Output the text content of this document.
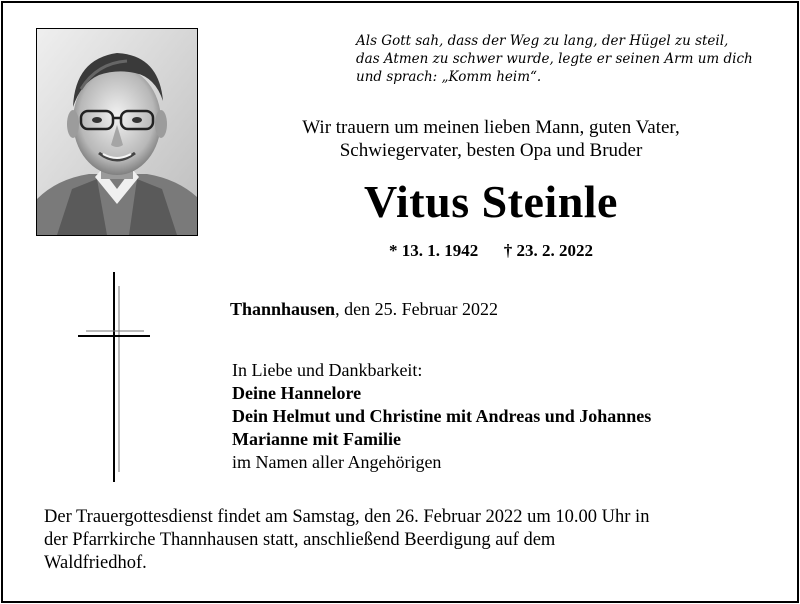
Als Gott sah, dass der Weg zu lang, der Hügel zu steil,
das Atmen zu schwer wurde, legte er seinen Arm um dich
und sprach: „Komm heim“.
Wir trauern um meinen lieben Mann, guten Vater,
Schwiegervater, besten Opa und Bruder
Vitus Steinle
* 13. 1. 1942 † 23. 2. 2022
Thannhausen, den 25. Februar 2022
In Liebe und Dankbarkeit:
Deine Hannelore
Dein Helmut und Christine mit Andreas und Johannes
Marianne mit Familie
im Namen aller Angehörigen
Der Trauergottesdienst findet am Samstag, den 26. Februar 2022 um 10.00 Uhr in
der Pfarrkirche Thannhausen statt, anschließend Beerdigung auf dem
Waldfriedhof.
